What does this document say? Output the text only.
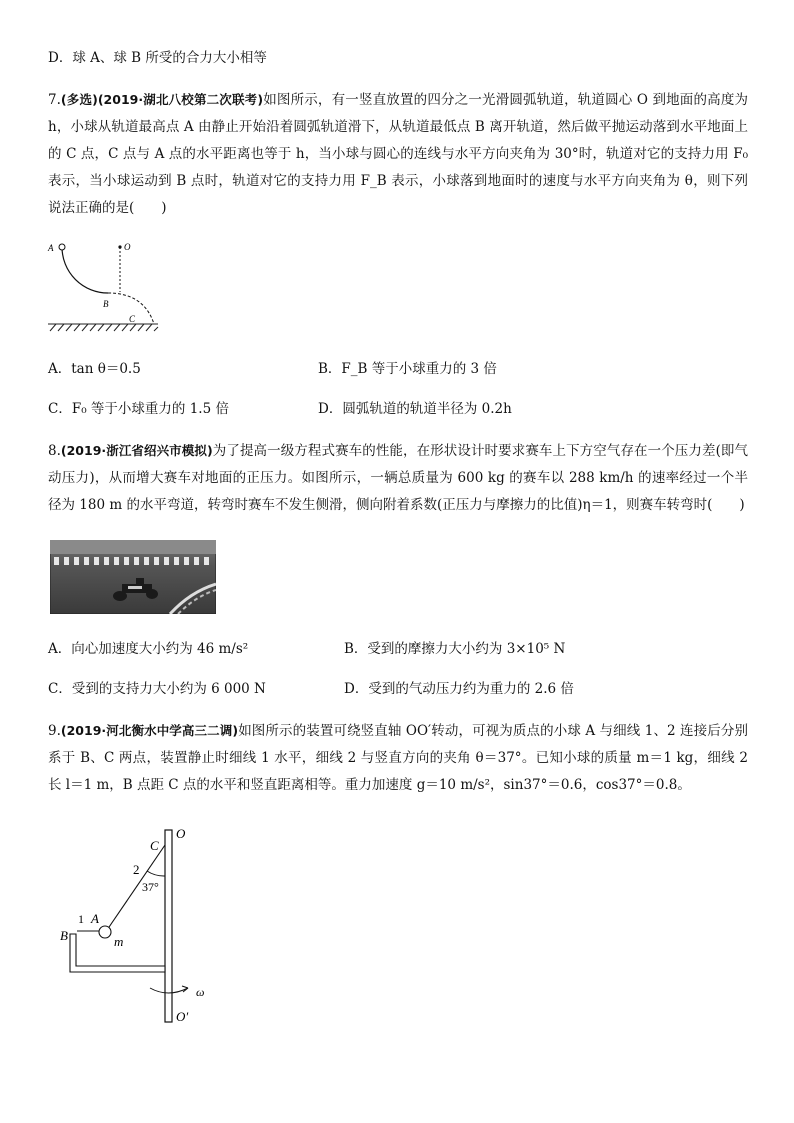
D．球 A、球 B 所受的合力大小相等
7.(多选)(2019·湖北八校第二次联考)如图所示，有一竖直放置的四分之一光滑圆弧轨道，轨道圆心 O 到地面的高度为 h，小球从轨道最高点 A 由静止开始沿着圆弧轨道滑下，从轨道最低点 B 离开轨道，然后做平抛运动落到水平地面上的 C 点，C 点与 A 点的水平距离也等于 h，当小球与圆心的连线与水平方向夹角为 30°时，轨道对它的支持力用 F₀ 表示，当小球运动到 B 点时，轨道对它的支持力用 F_B 表示，小球落到地面时的速度与水平方向夹角为 θ，则下列说法正确的是(　　)
A	O
B
C
A．tan θ＝0.5	B．F_B 等于小球重力的 3 倍
C．F₀ 等于小球重力的 1.5 倍	D．圆弧轨道的轨道半径为 0.2h
8.(2019·浙江省绍兴市模拟)为了提高一级方程式赛车的性能，在形状设计时要求赛车上下方空气存在一个压力差(即气动压力)，从而增大赛车对地面的正压力。如图所示，一辆总质量为 600 kg 的赛车以 288 km/h 的速率经过一个半径为 180 m 的水平弯道，转弯时赛车不发生侧滑，侧向附着系数(正压力与摩擦力的比值)η＝1，则赛车转弯时(　　)
A．向心加速度大小约为 46 m/s²	B．受到的摩擦力大小约为 3×10⁵ N
C．受到的支持力大小约为 6 000 N	D．受到的气动压力约为重力的 2.6 倍
9.(2019·河北衡水中学高三二调)如图所示的装置可绕竖直轴 OO′转动，可视为质点的小球 A 与细线 1、2 连接后分别系于 B、C 两点，装置静止时细线 1 水平，细线 2 与竖直方向的夹角 θ＝37°。已知小球的质量 m＝1 kg，细线 2 长 l＝1 m，B 点距 C 点的水平和竖直距离相等。重力加速度 g＝10 m/s²，sin37°＝0.6，cos37°＝0.8。
C
O
2
37°
1 A
B	m
ω
O′
